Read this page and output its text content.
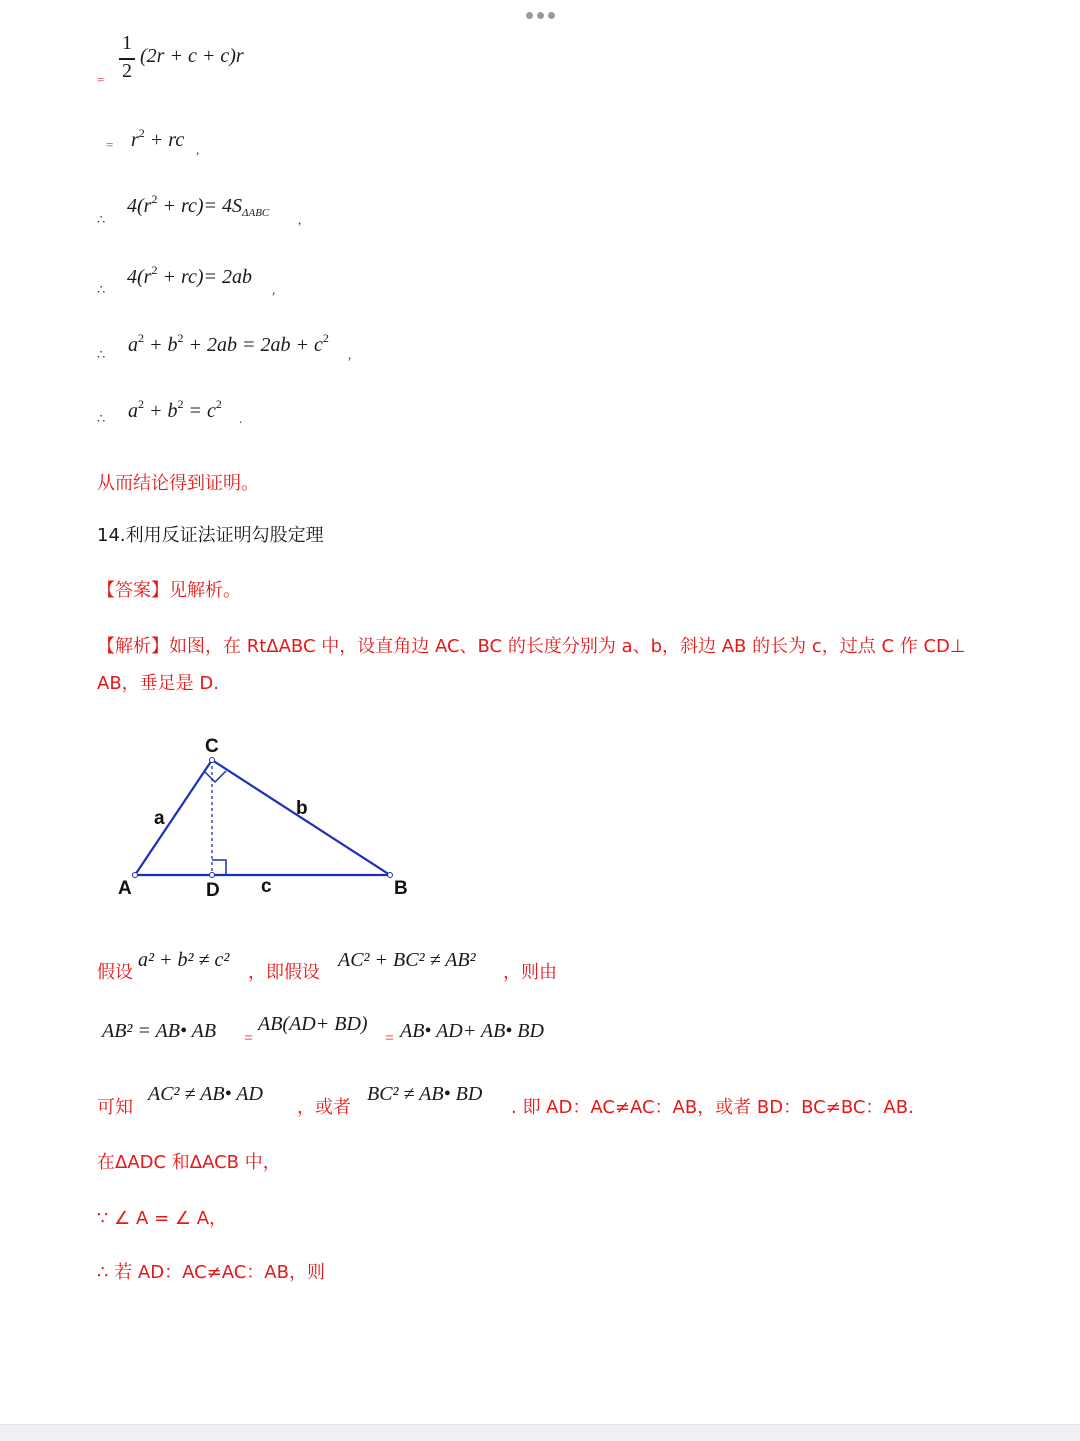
=
1
2
(2r + c + c)r
= $r^2$ + rc ,
∴
$4(r^2 + rc)= 4S_{\Delta ABC}$ ,
∴
$4(r^2 + rc)= 2ab$
,
∴ $a^2 + b^2 + 2ab = 2ab + c^2$
,
∴ $a^2 + b^2 = c^2$
.
从而结论得到证明。
14.利用反证法证明勾股定理
【答案】见解析。
【解析】如图，在 RtΔABC 中，设直角边 AC、BC 的长度分别为 a、b，斜边 AB 的长为 c，过点 C 作 CD⊥
AB，垂足是 D.
A	B
C
D
a	b
c
假设
a² + b² ≠ c²
，即假设
AC² + BC² ≠ AB²
，则由
AB² = AB• AB =
AB(AD+ BD)
= AB• AD+ AB• BD
可知
AC² ≠ AB• AD
，或者
BC² ≠ AB• BD
. 即 AD：AC≠AC：AB，或者 BD：BC≠BC：AB.
在ΔADC 和ΔACB 中，
∵ ∠ A = ∠ A，
∴ 若 AD：AC≠AC：AB，则
